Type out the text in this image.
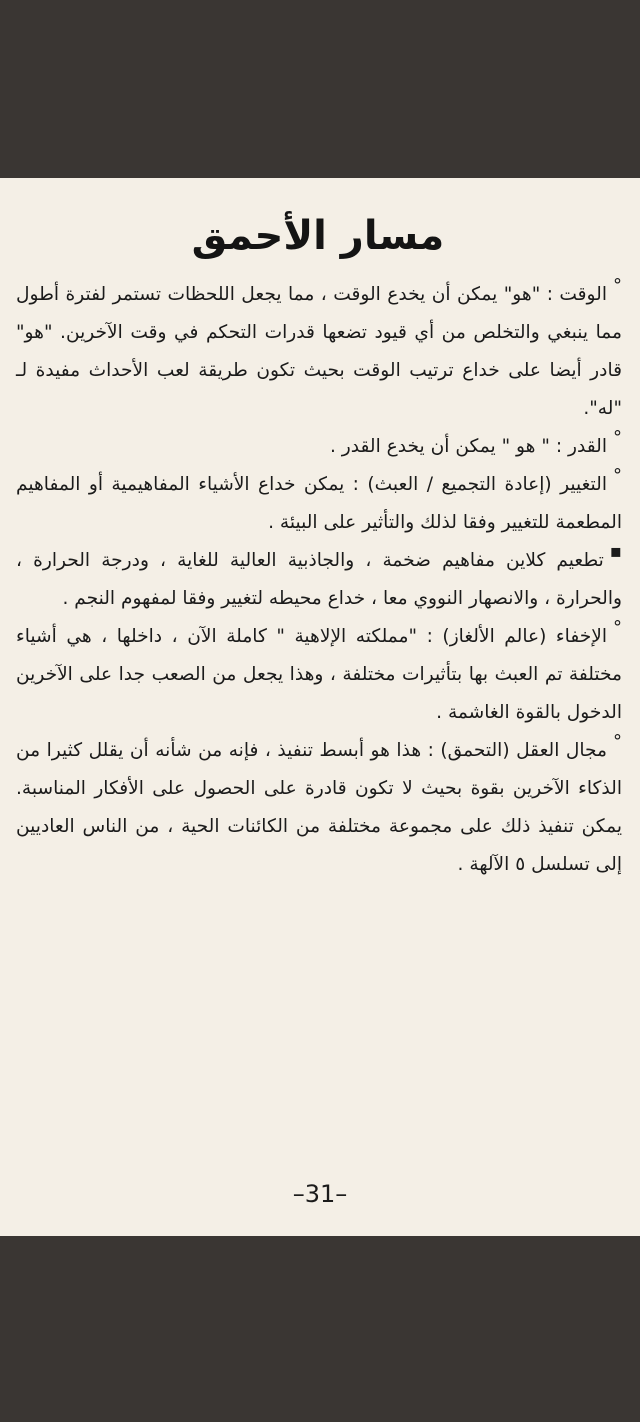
مسار الأحمق

°الوقت : "هو" يمكن أن يخدع الوقت ، مما يجعل اللحظات تستمر لفترة أطول مما ينبغي والتخلص من أي قيود تضعها قدرات التحكم في وقت الآخرين. "هو" قادر أيضا على خداع ترتيب الوقت بحيث تكون طريقة لعب الأحداث مفيدة لـ "له".

°القدر : " هو " يمكن أن يخدع القدر .

°التغيير (إعادة التجميع / العبث) : يمكن خداع الأشياء المفاهيمية أو المفاهيم المطعمة للتغيير وفقا لذلك والتأثير على البيئة .

▪تطعيم كلاين مفاهيم ضخمة ، والجاذبية العالية للغاية ، ودرجة الحرارة ، والحرارة ، والانصهار النووي معا ، خداع محيطه لتغيير وفقا لمفهوم النجم .

°الإخفاء (عالم الألغاز) : "مملكته الإلاهية " كاملة الآن ، داخلها ، هي أشياء مختلفة تم العبث بها بتأثيرات مختلفة ، وهذا يجعل من الصعب جدا على الآخرين الدخول بالقوة الغاشمة .

°مجال العقل (التحمق) : هذا هو أبسط تنفيذ ، فإنه من شأنه أن يقلل كثيرا من الذكاء الآخرين بقوة بحيث لا تكون قادرة على الحصول على الأفكار المناسبة. يمكن تنفيذ ذلك على مجموعة مختلفة من الكائنات الحية ، من الناس العاديين إلى تسلسل ٥ الآلهة .

–31–
